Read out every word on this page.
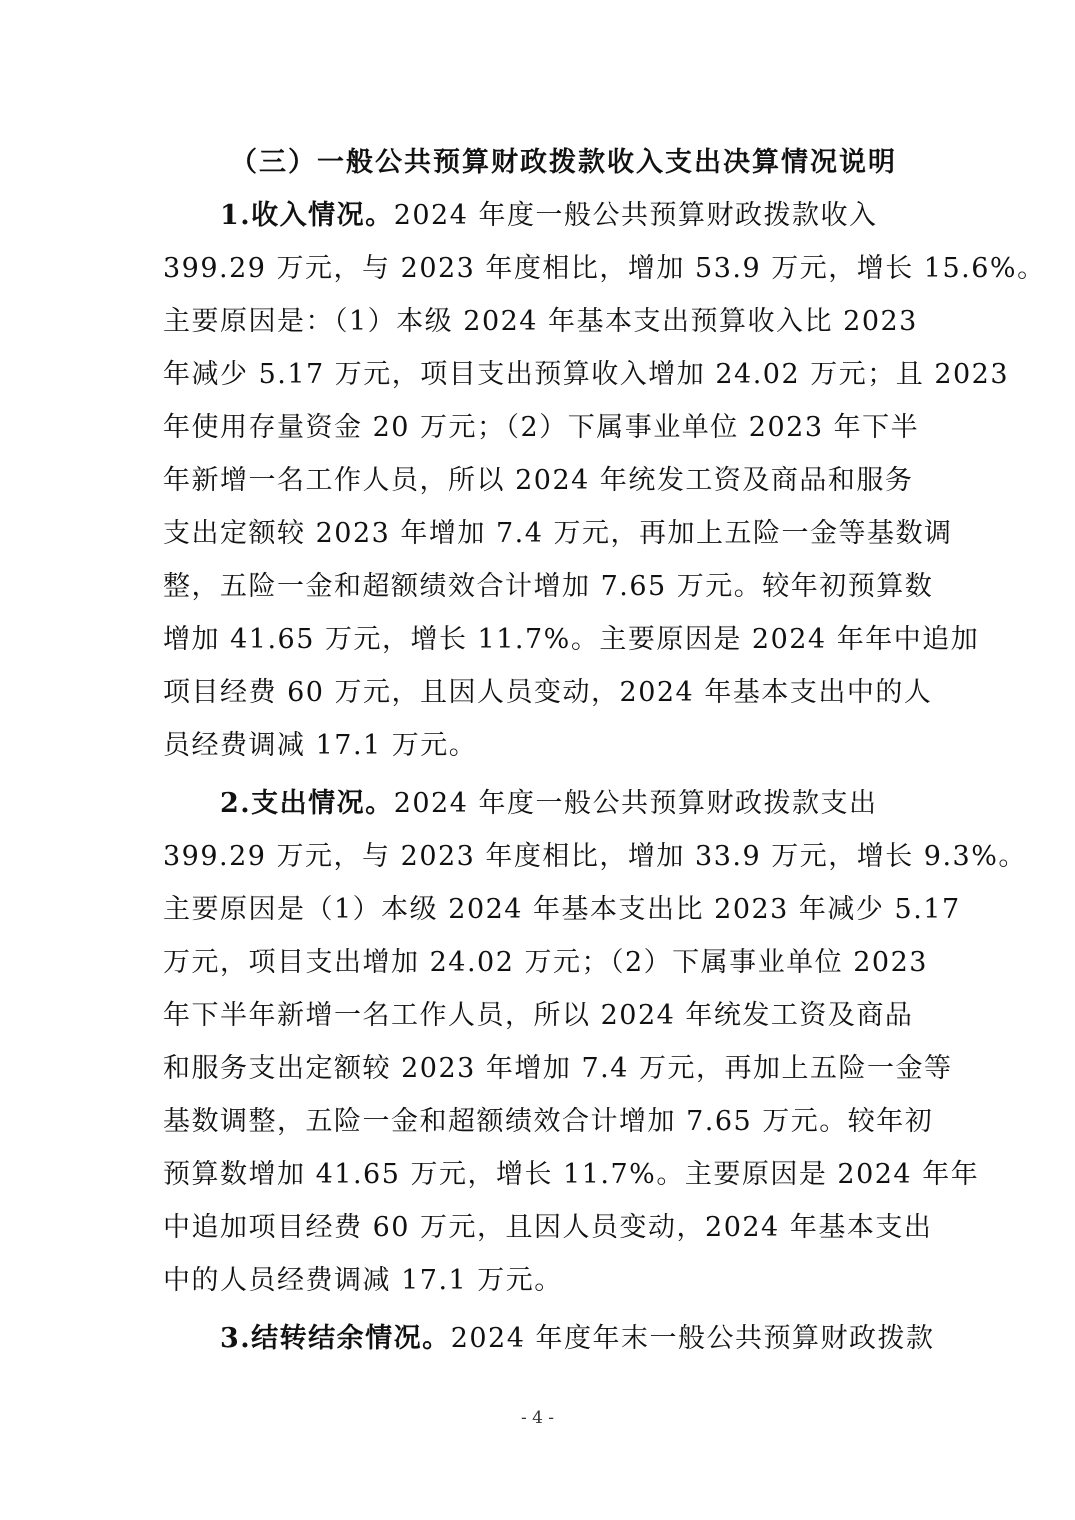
（三）一般公共预算财政拨款收入支出决算情况说明
1.收入情况。2024 年度一般公共预算财政拨款收入
399.29 万元，与 2023 年度相比，增加 53.9 万元，增长 15.6%。
主要原因是：（1）本级 2024 年基本支出预算收入比 2023
年减少 5.17 万元，项目支出预算收入增加 24.02 万元；且 2023
年使用存量资金 20 万元；（2）下属事业单位 2023 年下半
年新增一名工作人员，所以 2024 年统发工资及商品和服务
支出定额较 2023 年增加 7.4 万元，再加上五险一金等基数调
整，五险一金和超额绩效合计增加 7.65 万元。较年初预算数
增加 41.65 万元，增长 11.7%。主要原因是 2024 年年中追加
项目经费 60 万元，且因人员变动，2024 年基本支出中的人
员经费调减 17.1 万元。
2.支出情况。2024 年度一般公共预算财政拨款支出
399.29 万元，与 2023 年度相比，增加 33.9 万元，增长 9.3%。
主要原因是（1）本级 2024 年基本支出比 2023 年减少 5.17
万元，项目支出增加 24.02 万元；（2）下属事业单位 2023
年下半年新增一名工作人员，所以 2024 年统发工资及商品
和服务支出定额较 2023 年增加 7.4 万元，再加上五险一金等
基数调整，五险一金和超额绩效合计增加 7.65 万元。较年初
预算数增加 41.65 万元，增长 11.7%。主要原因是 2024 年年
中追加项目经费 60 万元，且因人员变动，2024 年基本支出
中的人员经费调减 17.1 万元。
3.结转结余情况。2024 年度年末一般公共预算财政拨款
- 4 -
